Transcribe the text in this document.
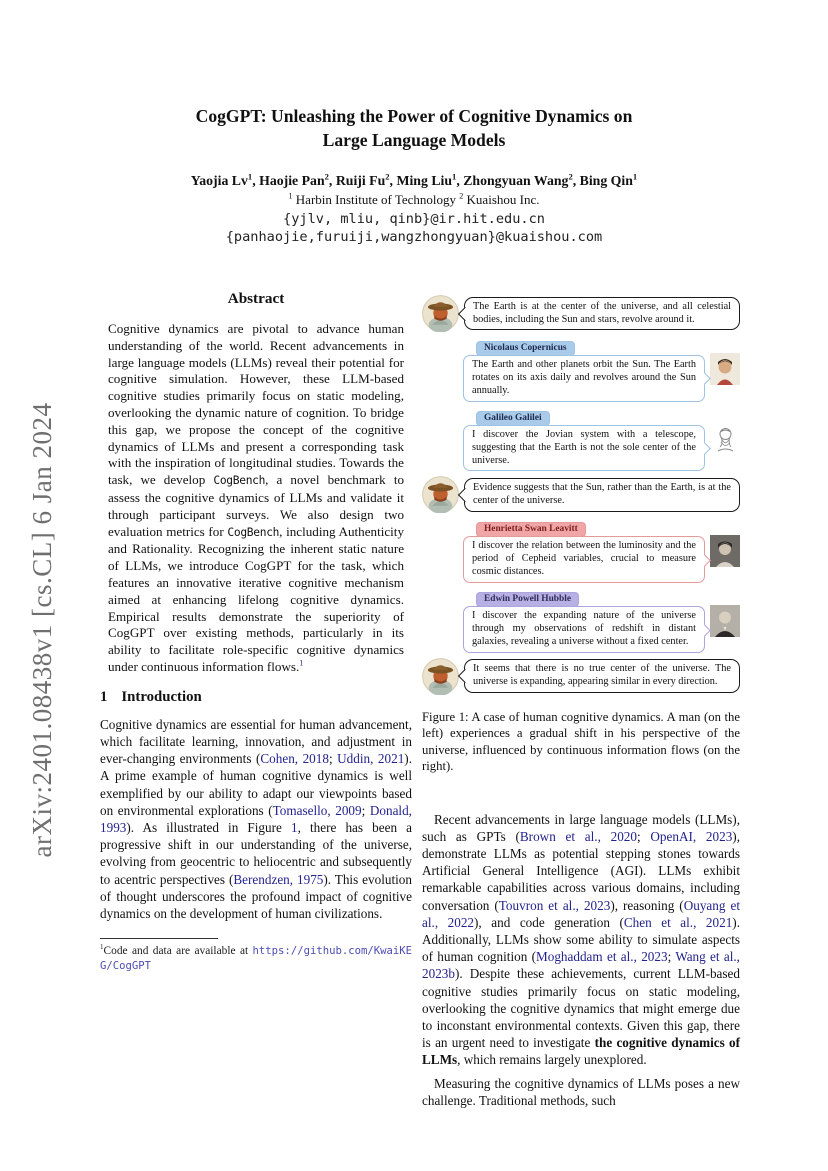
arXiv:2401.08438v1 [cs.CL] 6 Jan 2024
CogGPT: Unleashing the Power of Cognitive Dynamics on
Large Language Models
Yaojia Lv$^1$, Haojie Pan$^2$, Ruiji Fu$^2$, Ming Liu$^1$, Zhongyuan Wang$^2$, Bing Qin$^1$
$^1$ Harbin Institute of Technology $^2$ Kuaishou Inc.
{yjlv, mliu, qinb}@ir.hit.edu.cn
{panhaojie,furuiji,wangzhongyuan}@kuaishou.com
Abstract
Cognitive dynamics are pivotal to advance human understanding of the world. Recent advancements in large language models (LLMs) reveal their potential for cognitive simulation. However, these LLM-based cognitive studies primarily focus on static modeling, overlooking the dynamic nature of cognition. To bridge this gap, we propose the concept of the cognitive dynamics of LLMs and present a corresponding task with the inspiration of longitudinal studies. Towards the task, we develop CogBench, a novel benchmark to assess the cognitive dynamics of LLMs and validate it through participant surveys. We also design two evaluation metrics for CogBench, including Authenticity and Rationality. Recognizing the inherent static nature of LLMs, we introduce CogGPT for the task, which features an innovative iterative cognitive mechanism aimed at enhancing lifelong cognitive dynamics. Empirical results demonstrate the superiority of CogGPT over existing methods, particularly in its ability to facilitate role-specific cognitive dynamics under continuous information flows.$^1$
1 Introduction
Cognitive dynamics are essential for human advancement, which facilitate learning, innovation, and adjustment in ever-changing environments (Cohen, 2018; Uddin, 2021). A prime example of human cognitive dynamics is well exemplified by our ability to adapt our viewpoints based on environmental explorations (Tomasello, 2009; Donald, 1993). As illustrated in Figure 1, there has been a progressive shift in our understanding of the universe, evolving from geocentric to heliocentric and subsequently to acentric perspectives (Berendzen, 1975). This evolution of thought underscores the profound impact of cognitive dynamics on the development of human civilizations.
$^1$Code and data are available at https://github.com/KwaiKEG/CogGPT
The Earth is at the center of the universe, and all celestial bodies, including the Sun and stars, revolve around it.
Nicolaus Copernicus
The Earth and other planets orbit the Sun. The Earth rotates on its axis daily and revolves around the Sun annually.
Galileo Galilei
I discover the Jovian system with a telescope, suggesting that the Earth is not the sole center of the universe.
Evidence suggests that the Sun, rather than the Earth, is at the center of the universe.
Henrietta Swan Leavitt
I discover the relation between the luminosity and the period of Cepheid variables, crucial to measure cosmic distances.
Edwin Powell Hubble
I discover the expanding nature of the universe through my observations of redshift in distant galaxies, revealing a universe without a fixed center.
It seems that there is no true center of the universe. The universe is expanding, appearing similar in every direction.
Figure 1: A case of human cognitive dynamics. A man (on the left) experiences a gradual shift in his perspective of the universe, influenced by continuous information flows (on the right).
Recent advancements in large language models (LLMs), such as GPTs (Brown et al., 2020; OpenAI, 2023), demonstrate LLMs as potential stepping stones towards Artificial General Intelligence (AGI). LLMs exhibit remarkable capabilities across various domains, including conversation (Touvron et al., 2023), reasoning (Ouyang et al., 2022), and code generation (Chen et al., 2021). Additionally, LLMs show some ability to simulate aspects of human cognition (Moghaddam et al., 2023; Wang et al., 2023b). Despite these achievements, current LLM-based cognitive studies primarily focus on static modeling, overlooking the cognitive dynamics that might emerge due to inconstant environmental contexts. Given this gap, there is an urgent need to investigate the cognitive dynamics of LLMs, which remains largely unexplored.
Measuring the cognitive dynamics of LLMs poses a new challenge. Traditional methods, such
